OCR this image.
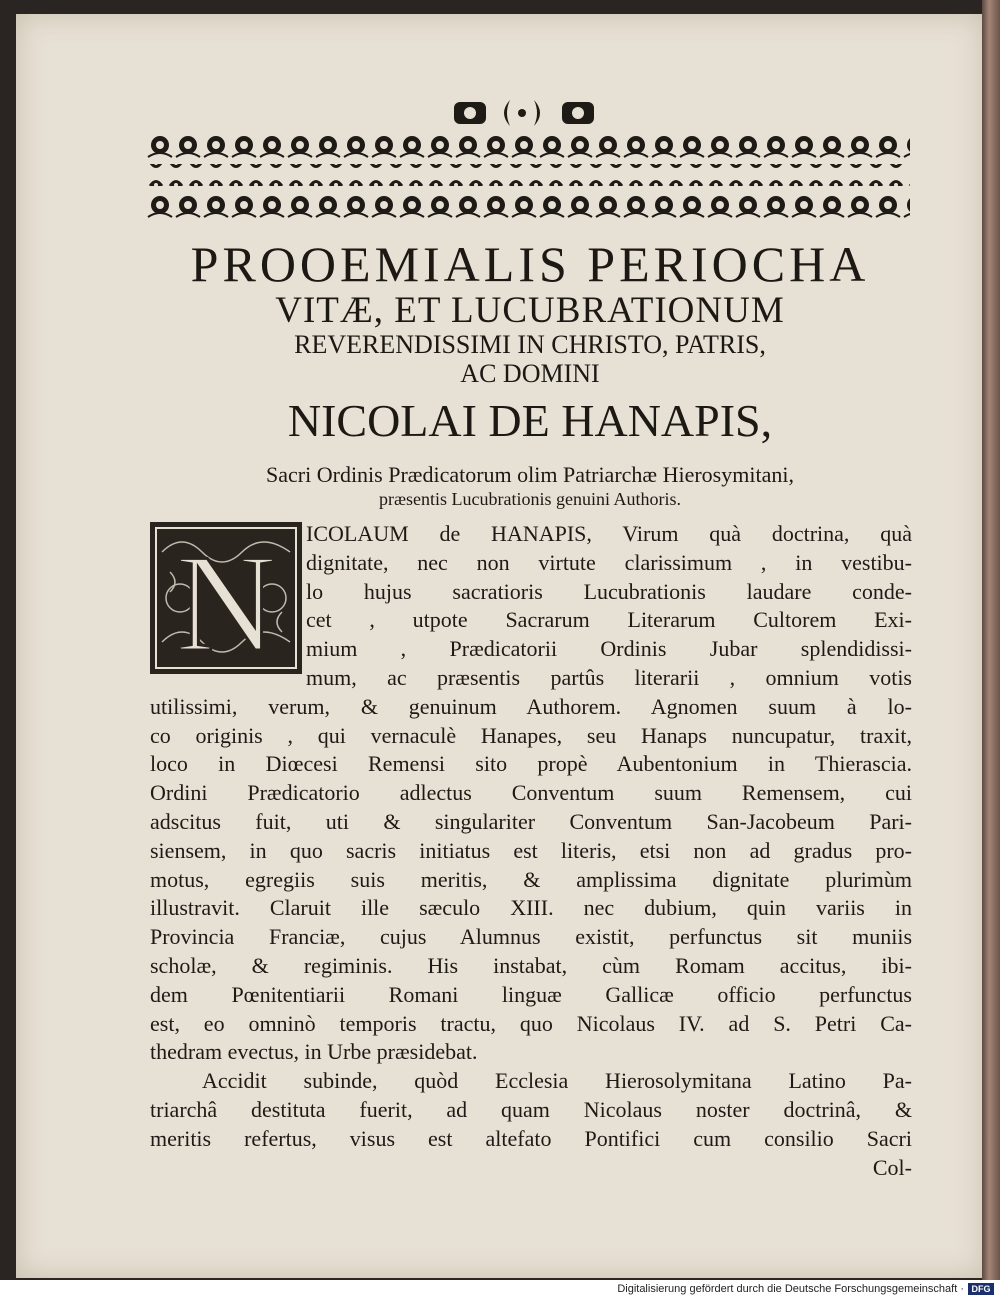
PROOEMIALIS PERIOCHA

VITÆ, ET LUCUBRATIONUM

REVERENDISSIMI IN CHRISTO, PATRIS,

AC DOMINI

NICOLAI DE HANAPIS,

Sacri Ordinis Prædicatorum olim Patriarchæ Hierosymitani,

præsentis Lucubrationis genuini Authoris.

N	ICOLAUM de HANAPIS, Virum quà doctrina, quà
dignitate, nec non virtute clarissimum , in vestibu-
lo hujus sacratioris Lucubrationis laudare conde-
cet , utpote Sacrarum Literarum Cultorem Exi-
mium , Prædicatorii Ordinis Jubar splendidissi-
mum, ac præsentis partûs literarii , omnium votis
utilissimi, verum, & genuinum Authorem. Agnomen suum à lo-
co originis , qui vernaculè Hanapes, seu Hanaps nuncupatur, traxit,
loco in Diœcesi Remensi sito propè Aubentonium in Thierascia.
Ordini Prædicatorio adlectus Conventum suum Remensem, cui
adscitus fuit, uti & singulariter Conventum San-Jacobeum Pari-
siensem, in quo sacris initiatus est literis, etsi non ad gradus pro-
motus, egregiis suis meritis, & amplissima dignitate plurimùm
illustravit. Claruit ille sæculo XIII. nec dubium, quin variis in
Provincia Franciæ, cujus Alumnus existit, perfunctus sit muniis
scholæ, & regiminis. His instabat, cùm Romam accitus, ibi-
dem Pœnitentiarii Romani linguæ Gallicæ officio perfunctus
est, eo omninò temporis tractu, quo Nicolaus IV. ad S. Petri Ca-
thedram evectus, in Urbe præsidebat.
Accidit subinde, quòd Ecclesia Hierosolymitana Latino Pa-
triarchâ destituta fuerit, ad quam Nicolaus noster doctrinâ, &
meritis refertus, visus est altefato Pontifici cum consilio Sacri
Col-
Digitalisierung gefördert durch die Deutsche Forschungsgemeinschaft · DFG
